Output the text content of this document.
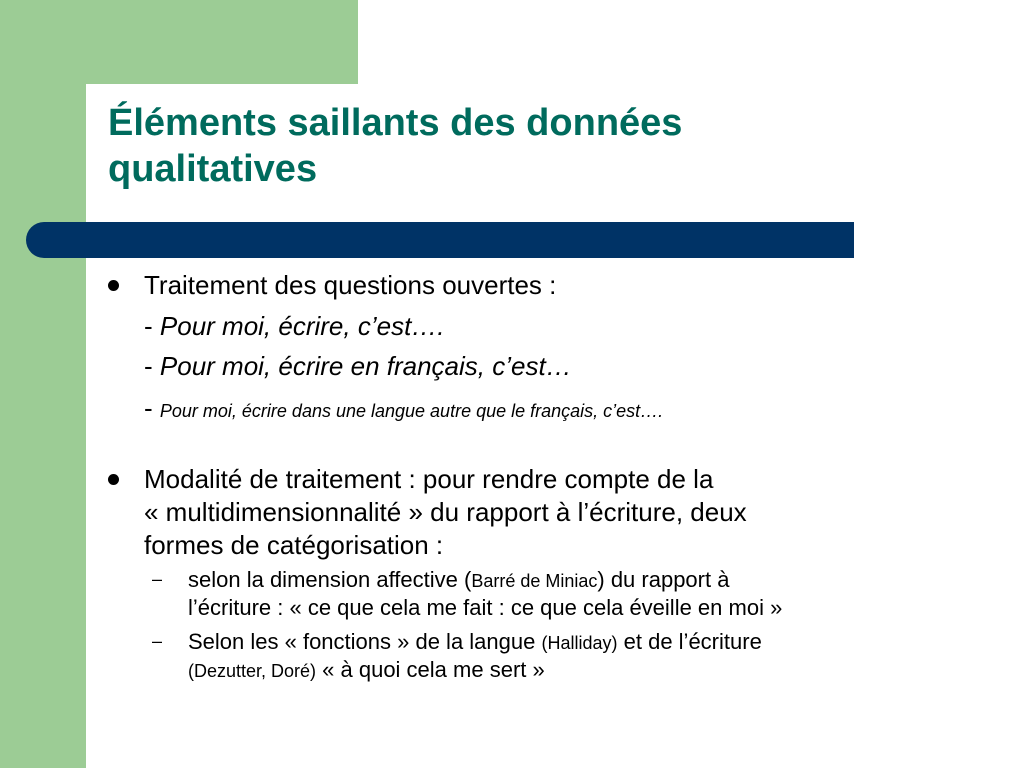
Éléments saillants des données
qualitatives
Traitement des questions ouvertes :
- Pour moi, écrire, c’est….
- Pour moi, écrire en français, c’est…
- Pour moi, écrire dans une langue autre que le français, c’est….
Modalité de traitement : pour rendre compte de la
« multidimensionnalité » du rapport à l’écriture, deux
formes de catégorisation :
– selon la dimension affective (Barré de Miniac) du rapport à
l’écriture : « ce que cela me fait : ce que cela éveille en moi »
– Selon les « fonctions » de la langue (Halliday) et de l’écriture
(Dezutter, Doré) « à quoi cela me sert »
